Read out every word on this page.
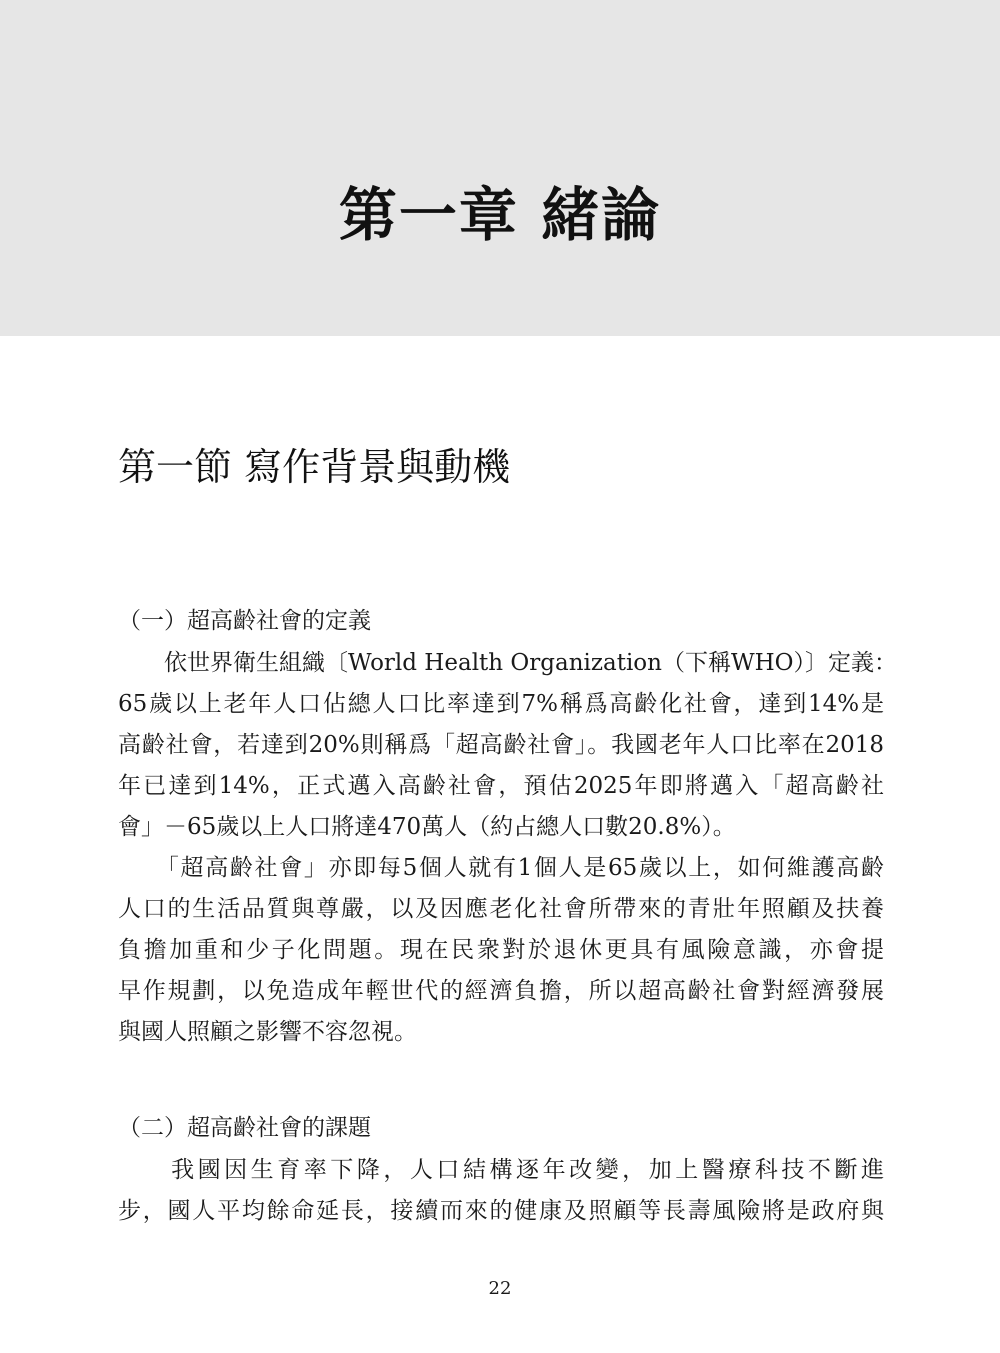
第一章 緒論
第一節 寫作背景與動機
（一）超高齡社會的定義
　　依世界衛生組織〔World Health Organization（下稱WHO）〕定義：
65歲以上老年人口佔總人口比率達到7%稱爲高齡化社會，達到14%是
高齡社會，若達到20%則稱爲「超高齡社會」。我國老年人口比率在2018
年已達到14%，正式邁入高齡社會，預估2025年即將邁入「超高齡社
會」－65歲以上人口將達470萬人（約占總人口數20.8%）。
　　「超高齡社會」亦即每5個人就有1個人是65歲以上，如何維護高齡
人口的生活品質與尊嚴，以及因應老化社會所帶來的青壯年照顧及扶養
負擔加重和少子化問題。現在民衆對於退休更具有風險意識，亦會提
早作規劃，以免造成年輕世代的經濟負擔，所以超高齡社會對經濟發展
與國人照顧之影響不容忽視。
（二）超高齡社會的課題
　　我國因生育率下降，人口結構逐年改變，加上醫療科技不斷進
步，國人平均餘命延長，接續而來的健康及照顧等長壽風險將是政府與
22
